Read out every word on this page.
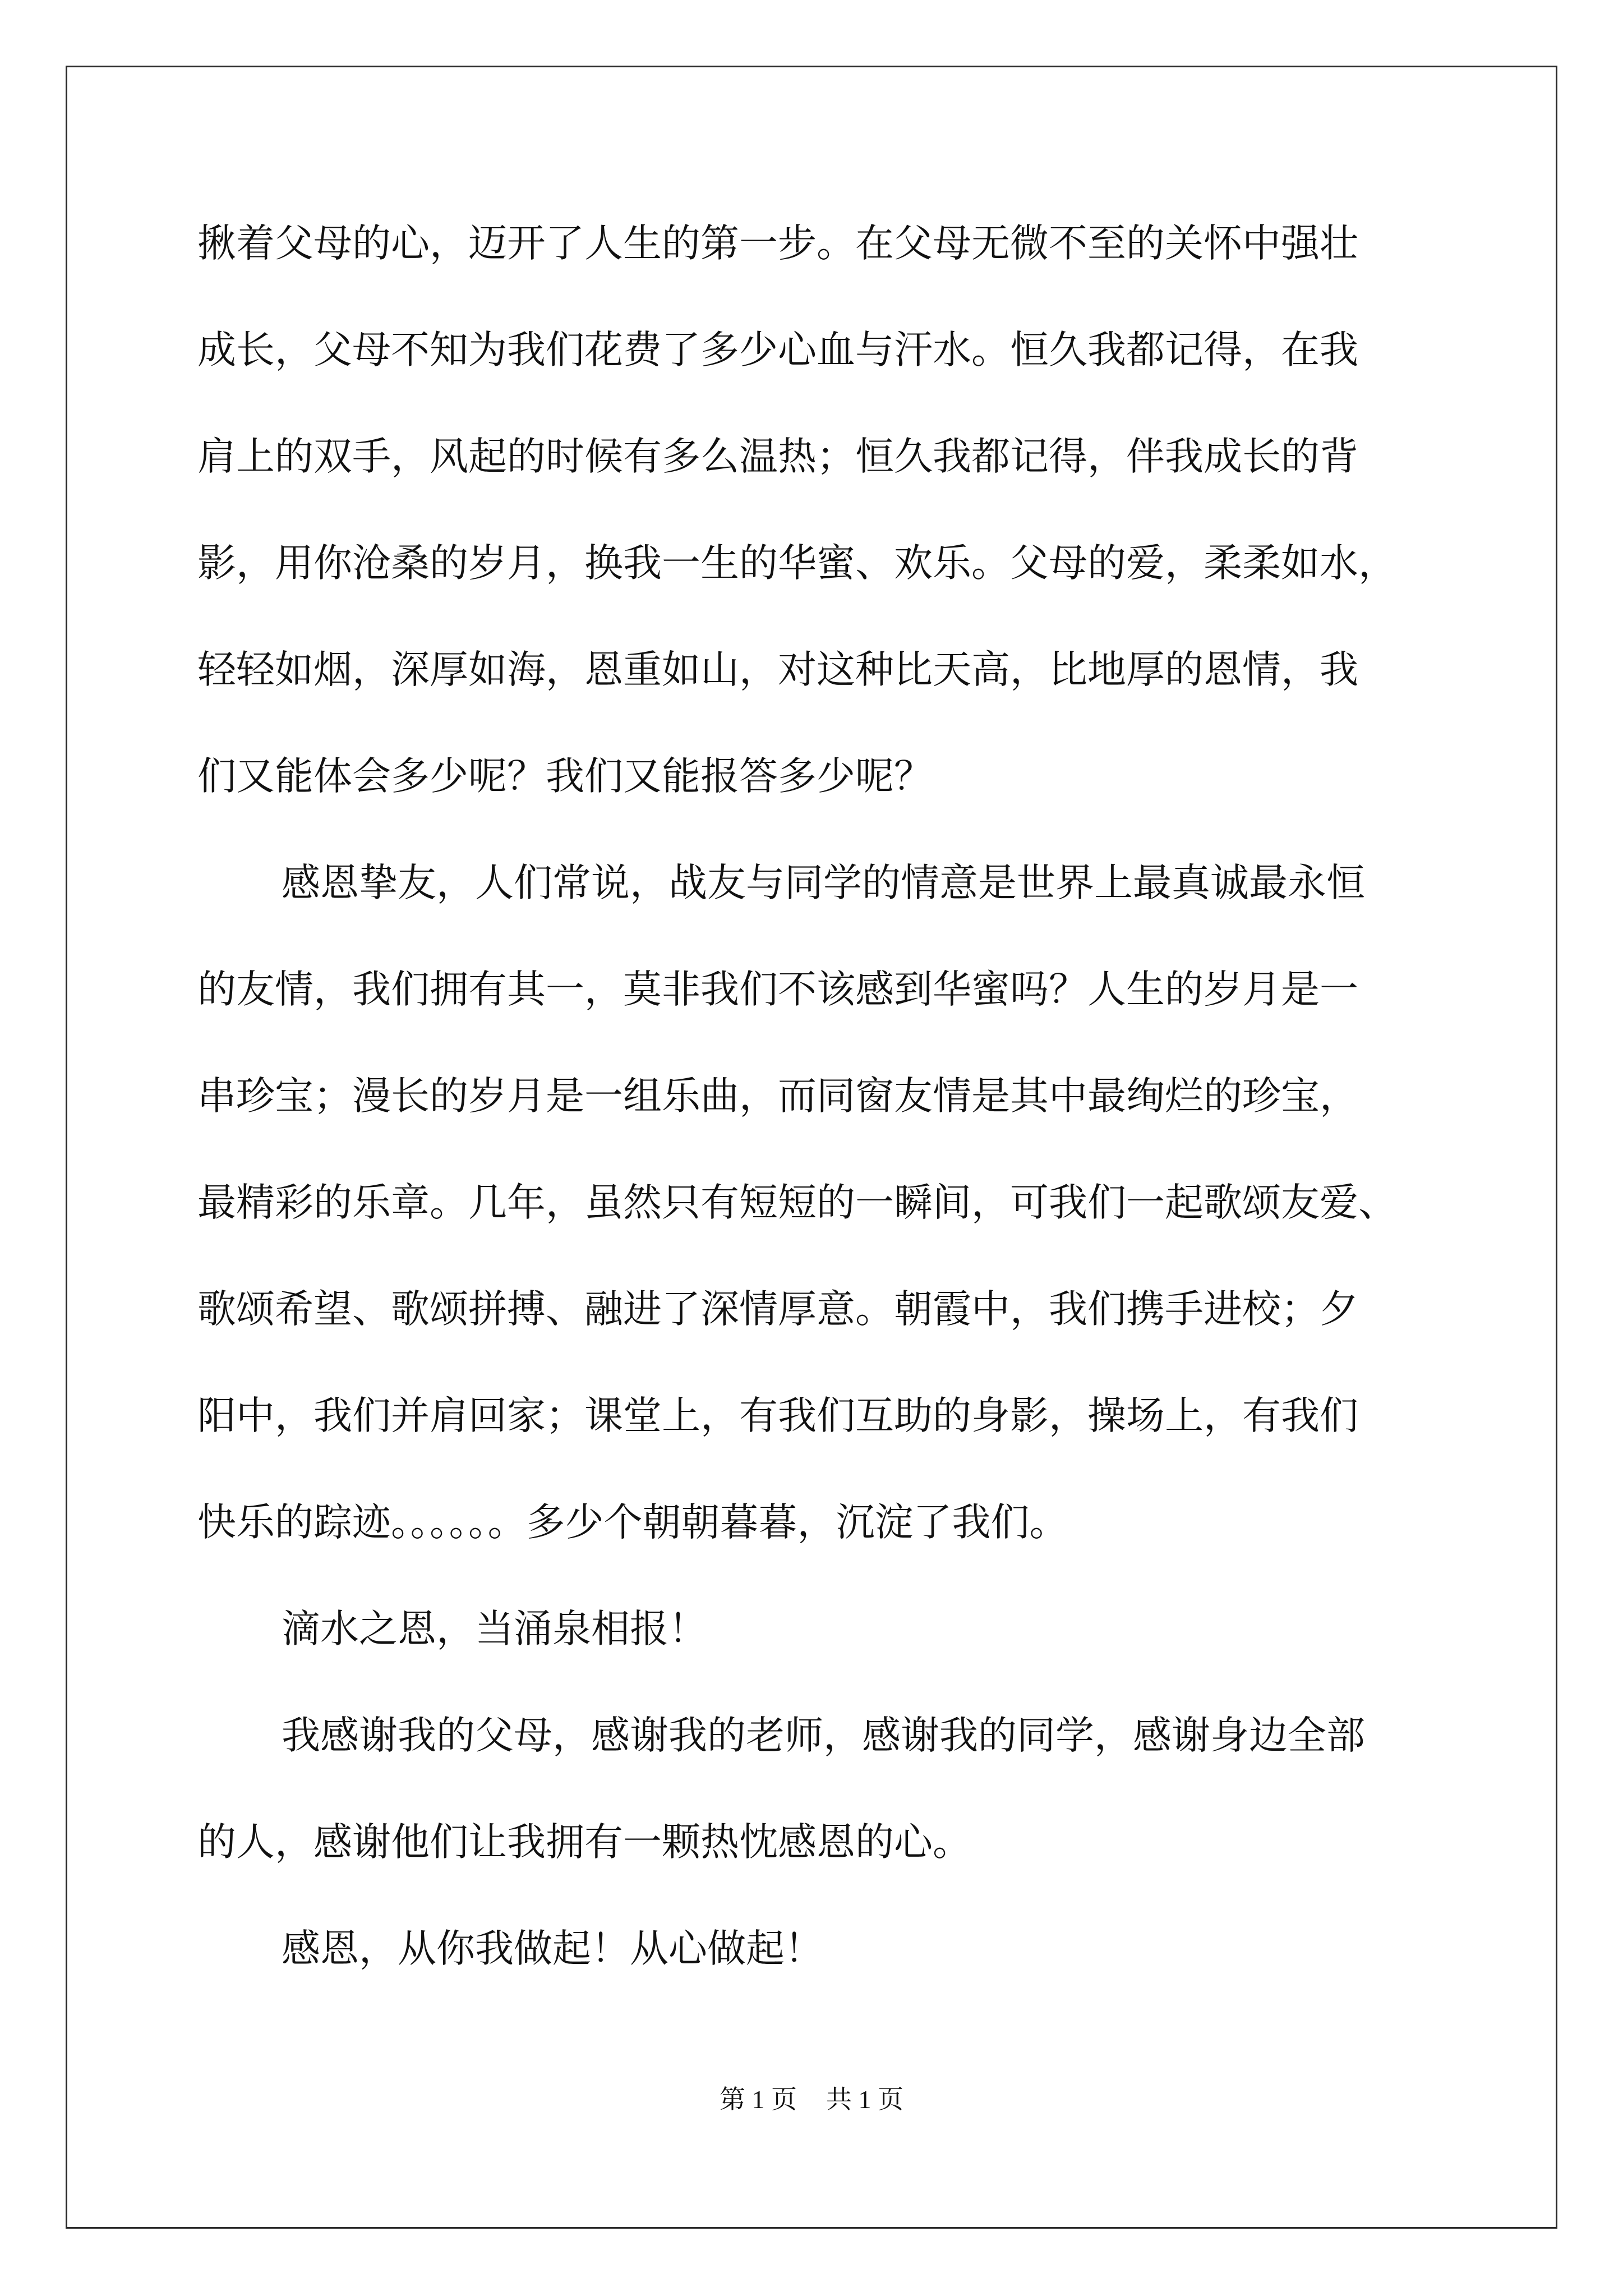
揪着父母的心，迈开了人生的第一步。在父母无微不至的关怀中强壮
成长，父母不知为我们花费了多少心血与汗水。恒久我都记得，在我
肩上的双手，风起的时候有多么温热；恒久我都记得，伴我成长的背
影，用你沧桑的岁月，换我一生的华蜜、欢乐。父母的爱，柔柔如水，
轻轻如烟，深厚如海，恩重如山，对这种比天高，比地厚的恩情，我
们又能体会多少呢？我们又能报答多少呢？
感恩挚友，人们常说，战友与同学的情意是世界上最真诚最永恒
的友情，我们拥有其一，莫非我们不该感到华蜜吗？人生的岁月是一
串珍宝；漫长的岁月是一组乐曲，而同窗友情是其中最绚烂的珍宝，
最精彩的乐章。几年，虽然只有短短的一瞬间，可我们一起歌颂友爱、
歌颂希望、歌颂拼搏、融进了深情厚意。朝霞中，我们携手进校；夕
阳中，我们并肩回家；课堂上，有我们互助的身影，操场上，有我们
快乐的踪迹。。。。。。多少个朝朝暮暮，沉淀了我们。
滴水之恩，当涌泉相报！
我感谢我的父母，感谢我的老师，感谢我的同学，感谢身边全部
的人，感谢他们让我拥有一颗热忱感恩的心。
感恩，从你我做起！从心做起！
第 1 页 共 1 页
